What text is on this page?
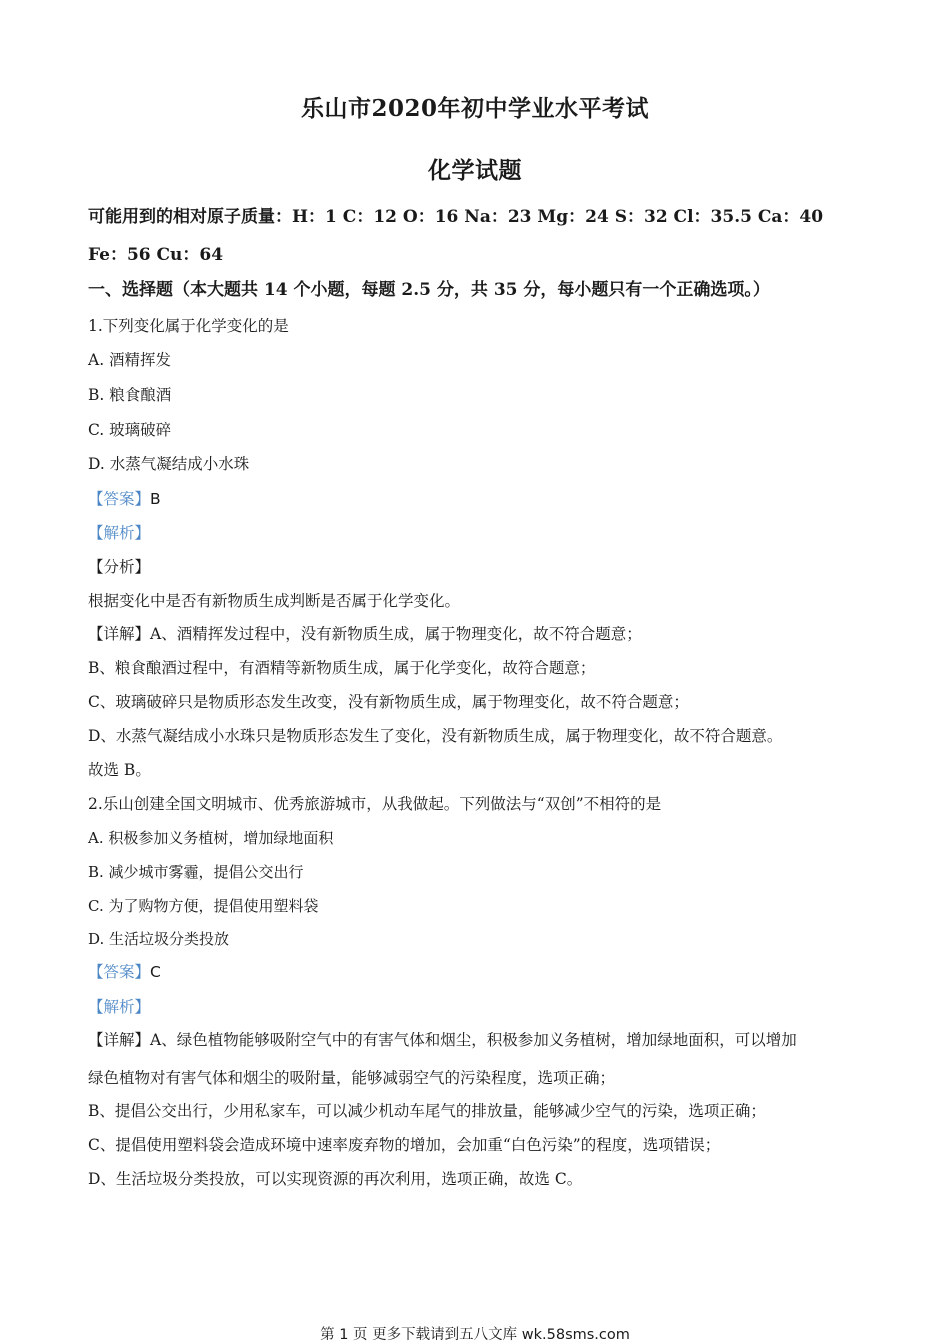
乐山市2020年初中学业水平考试
化学试题
可能用到的相对原子质量：H：1 C：12 O：16 Na：23 Mg：24 S：32 Cl：35.5 Ca：40
Fe：56 Cu：64
一、选择题（本大题共 14 个小题，每题 2.5 分，共 35 分，每小题只有一个正确选项。）
1.下列变化属于化学变化的是
A. 酒精挥发
B. 粮食酿酒
C. 玻璃破碎
D. 水蒸气凝结成小水珠
【答案】B
【解析】
【分析】
根据变化中是否有新物质生成判断是否属于化学变化。
【详解】A、酒精挥发过程中，没有新物质生成，属于物理变化，故不符合题意；
B、粮食酿酒过程中，有酒精等新物质生成，属于化学变化，故符合题意；
C、玻璃破碎只是物质形态发生改变，没有新物质生成，属于物理变化，故不符合题意；
D、水蒸气凝结成小水珠只是物质形态发生了变化，没有新物质生成，属于物理变化，故不符合题意。
故选 B。
2.乐山创建全国文明城市、优秀旅游城市，从我做起。下列做法与“双创”不相符的是
A. 积极参加义务植树，增加绿地面积
B. 减少城市雾霾，提倡公交出行
C. 为了购物方便，提倡使用塑料袋
D. 生活垃圾分类投放
【答案】C
【解析】
【详解】A、绿色植物能够吸附空气中的有害气体和烟尘，积极参加义务植树，增加绿地面积，可以增加
绿色植物对有害气体和烟尘的吸附量，能够减弱空气的污染程度，选项正确；
B、提倡公交出行，少用私家车，可以减少机动车尾气的排放量，能够减少空气的污染，选项正确；
C、提倡使用塑料袋会造成环境中速率废弃物的增加，会加重“白色污染”的程度，选项错误；
D、生活垃圾分类投放，可以实现资源的再次利用，选项正确，故选 C。
第 1 页 更多下载请到五八文库 wk.58sms.com
